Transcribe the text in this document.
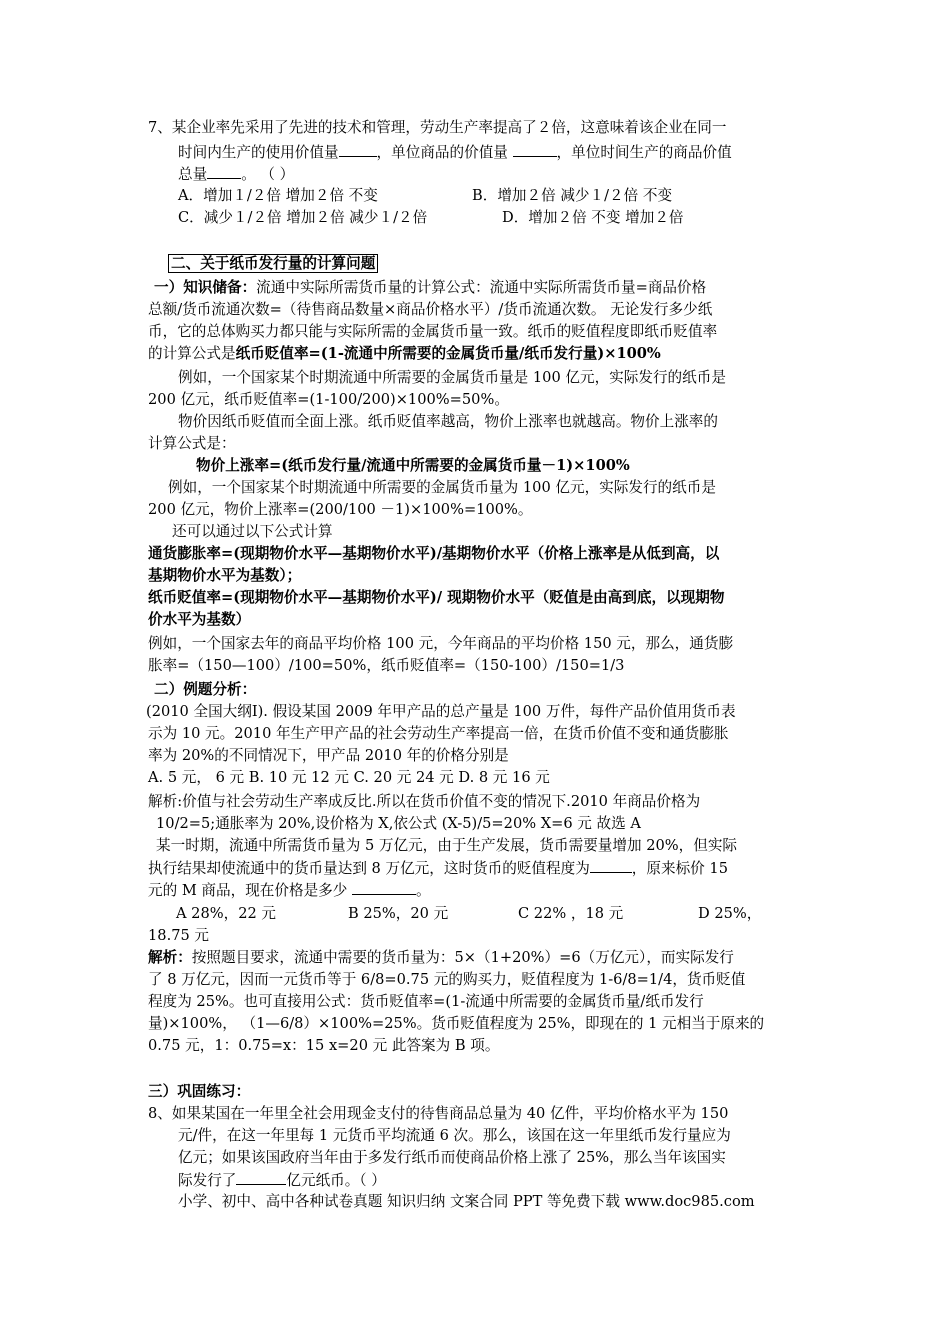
7、某企业率先采用了先进的技术和管理，劳动生产率提高了２倍，这意味着该企业在同一
时间内生产的使用价值量	，单位商品的价值量	，单位时间生产的商品价值
总量 。 （ ）
A．增加１/２倍 增加２倍 不变	B．增加２倍 减少１/２倍 不变
C．减少１/２倍 增加２倍 减少１/２倍	D．增加２倍 不变 增加２倍
二、关于纸币发行量的计算问题
一）知识储备：流通中实际所需货币量的计算公式：流通中实际所需货币量=商品价格
总额/货币流通次数=（待售商品数量×商品价格水平）/货币流通次数。 无论发行多少纸
币，它的总体购买力都只能与实际所需的金属货币量一致。纸币的贬值程度即纸币贬值率
的计算公式是纸币贬值率=(1-流通中所需要的金属货币量/纸币发行量)×100%
例如，一个国家某个时期流通中所需要的金属货币量是 100 亿元，实际发行的纸币是
200 亿元，纸币贬值率=(1-100/200)×100%=50%。
物价因纸币贬值而全面上涨。纸币贬值率越高，物价上涨率也就越高。物价上涨率的
计算公式是：
物价上涨率=(纸币发行量/流通中所需要的金属货币量－1)×100%
例如，一个国家某个时期流通中所需要的金属货币量为 100 亿元，实际发行的纸币是
200 亿元，物价上涨率=(200/100 －1)×100%=100%。
还可以通过以下公式计算
通货膨胀率=(现期物价水平—基期物价水平)/基期物价水平（价格上涨率是从低到高，以
基期物价水平为基数）；
纸币贬值率=(现期物价水平—基期物价水平)/ 现期物价水平（贬值是由高到底，以现期物
价水平为基数）
例如，一个国家去年的商品平均价格 100 元，今年商品的平均价格 150 元，那么，通货膨
胀率=（150—100）/100=50%，纸币贬值率=（150-100）/150=1/3
二）例题分析：
(2010 全国大纲Ⅰ). 假设某国 2009 年甲产品的总产量是 100 万件，每件产品价值用货币表
示为 10 元。2010 年生产甲产品的社会劳动生产率提高一倍，在货币价值不变和通货膨胀
率为 20%的不同情况下，甲产品 2010 年的价格分别是
A. 5 元， 6 元 B. 10 元 12 元 C. 20 元 24 元 D. 8 元 16 元
解析:价值与社会劳动生产率成反比.所以在货币价值不变的情况下.2010 年商品价格为
10/2=5;通胀率为 20%,设价格为 X,依公式 (X-5)/5=20% X=6 元 故选 A
某一时期，流通中所需货币量为 5 万亿元，由于生产发展，货币需要量增加 20%，但实际
执行结果却使流通中的货币量达到 8 万亿元，这时货币的贬值程度为	，原来标价 15
元的 M 商品，现在价格是多少	。
A 28%，22 元	B 25%，20 元	C 22% ，18 元	D 25%，
18.75 元
解析：按照题目要求，流通中需要的货币量为：5×（1+20%）=6（万亿元），而实际发行
了 8 万亿元，因而一元货币等于 6/8=0.75 元的购买力，贬值程度为 1-6/8=1/4，货币贬值
程度为 25%。也可直接用公式：货币贬值率=(1-流通中所需要的金属货币量/纸币发行
量)×100%， （1—6/8）×100%=25%。货币贬值程度为 25%，即现在的 1 元相当于原来的
0.75 元，1：0.75=x：15 x=20 元 此答案为 B 项。
三）巩固练习：
8、如果某国在一年里全社会用现金支付的待售商品总量为 40 亿件，平均价格水平为 150
元/件，在这一年里每 1 元货币平均流通 6 次。那么，该国在这一年里纸币发行量应为
亿元；如果该国政府当年由于多发行纸币而使商品价格上涨了 25%，那么当年该国实
际发行了	亿元纸币。（ ）
小学、初中、高中各种试卷真题 知识归纳 文案合同 PPT 等免费下载 www.doc985.com
